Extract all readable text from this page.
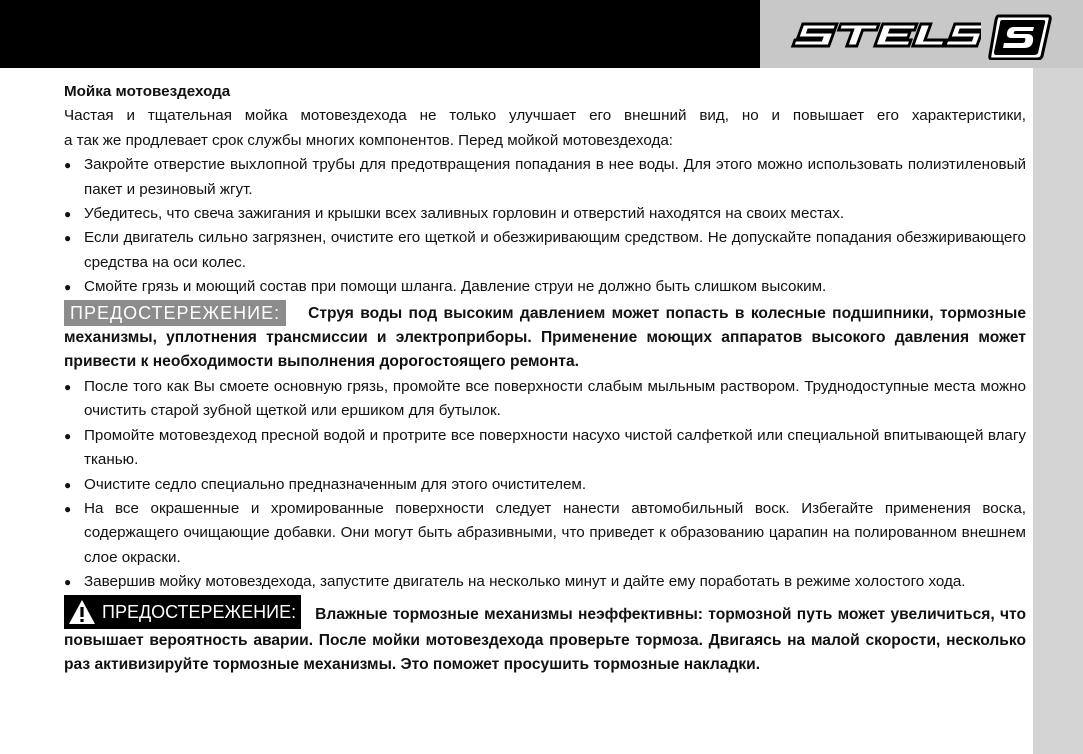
Мойка мотовездехода

Частая и тщательная мойка мотовездехода не только улучшает его внешний вид, но и повышает его характеристики,

а так же продлевает срок службы многих компонентов. Перед мойкой мотовездехода:

● Закройте отверстие выхлопной трубы для предотвращения попадания в нее воды. Для этого можно использовать полиэтиленовый пакет и резиновый жгут.
● Убедитесь, что свеча зажигания и крышки всех заливных горловин и отверстий находятся на своих местах.
● Если двигатель сильно загрязнен, очистите его щеткой и обезжиривающим средством. Не допускайте попадания обезжиривающего средства на оси колес.
● Смойте грязь и моющий состав при помощи шланга. Давление струи не должно быть слишком высоким.

ПРЕДОСТЕРЕЖЕНИЕ: Струя воды под высоким давлением может попасть в колесные подшипники, тормозные механизмы, уплотнения трансмиссии и электроприборы. Применение моющих аппаратов высокого давления может привести к необходимости выполнения дорогостоящего ремонта.

● После того как Вы смоете основную грязь, промойте все поверхности слабым мыльным раствором. Труднодоступные места можно очистить старой зубной щеткой или ершиком для бутылок.
● Промойте мотовездеход пресной водой и протрите все поверхности насухо чистой салфеткой или специальной впитывающей влагу тканью.
● Очистите седло специально предназначенным для этого очистителем.
● На все окрашенные и хромированные поверхности следует нанести автомобильный воск. Избегайте применения воска, содержащего очищающие добавки. Они могут быть абразивными, что приведет к образованию царапин на полированном внешнем слое окраски.
● Завершив мойку мотовездехода, запустите двигатель на несколько минут и дайте ему поработать в режиме холостого хода.

ПРЕДОСТЕРЕЖЕНИЕ: Влажные тормозные механизмы неэффективны: тормозной путь может увеличиться, что повышает вероятность аварии. После мойки мотовездехода проверьте тормоза. Двигаясь на малой скорости, несколько раз активизируйте тормозные механизмы. Это поможет просушить тормозные накладки.
